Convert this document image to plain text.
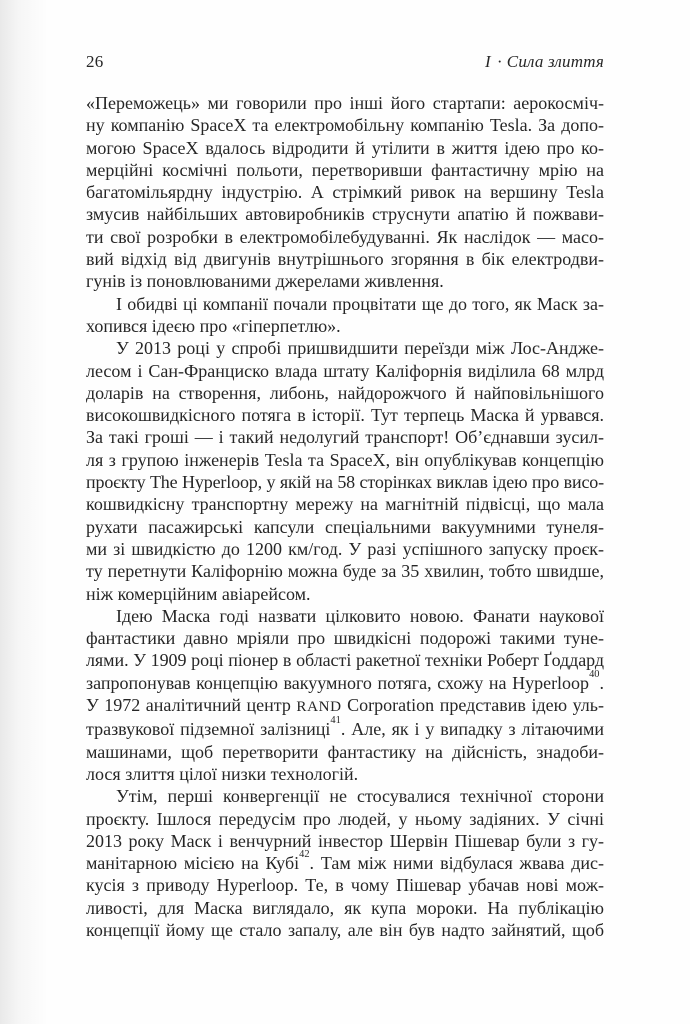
26	I · Сила злиття
«Переможець» ми говорили про інші його стартапи: аерокосміч-
ну компанію SpaceX та електромобільну компанію Tesla. За допо-
могою SpaceX вдалось відродити й утілити в життя ідею про ко-
мерційні космічні польоти, перетворивши фантастичну мрію на
багатомільярдну індустрію. А стрімкий ривок на вершину Tesla
змусив найбільших автовиробників струснути апатію й пожвави-
ти свої розробки в електромобілебудуванні. Як наслідок — масо-
вий відхід від двигунів внутрішнього згоряння в бік електродви-
гунів із поновлюваними джерелами живлення.
І обидві ці компанії почали процвітати ще до того, як Маск за-
хопився ідеєю про «гіперпетлю».
У 2013 році у спробі пришвидшити переїзди між Лос-Андже-
лесом і Сан-Франциско влада штату Каліфорнія виділила 68 млрд
доларів на створення, либонь, найдорожчого й найповільнішого
високошвидкісного потяга в історії. Тут терпець Маска й урвався.
За такі гроші — і такий недолугий транспорт! Об’єднавши зусил-
ля з групою інженерів Tesla та SpaceX, він опублікував концепцію
проєкту The Hyperloop, у якій на 58 сторінках виклав ідею про висо-
кошвидкісну транспортну мережу на магнітній підвісці, що мала
рухати пасажирські капсули спеціальними вакуумними тунеля-
ми зі швидкістю до 1200 км/год. У разі успішного запуску проєк-
ту перетнути Каліфорнію можна буде за 35 хвилин, тобто швидше,
ніж комерційним авіарейсом.
Ідею Маска годі назвати цілковито новою. Фанати наукової
фантастики давно мріяли про швидкісні подорожі такими туне-
лями. У 1909 році піонер в області ракетної техніки Роберт Ґоддард
запропонував концепцію вакуумного потяга, схожу на Hyperloop$^{40}$.
У 1972 аналітичний центр RAND Corporation представив ідею уль-
тразвукової підземної залізниці$^{41}$. Але, як і у випадку з літаючими
машинами, щоб перетворити фантастику на дійсність, знадоби-
лося злиття цілої низки технологій.
Утім, перші конвергенції не стосувалися технічної сторони
проєкту. Ішлося передусім про людей, у ньому задіяних. У січні
2013 року Маск і венчурний інвестор Шервін Пішевар були з гу-
манітарною місією на Кубі$^{42}$. Там між ними відбулася жвава дис-
кусія з приводу Hyperloop. Те, в чому Пішевар убачав нові мож-
ливості, для Маска виглядало, як купа мороки. На публікацію
концепції йому ще стало запалу, але він був надто зайнятий, щоб
